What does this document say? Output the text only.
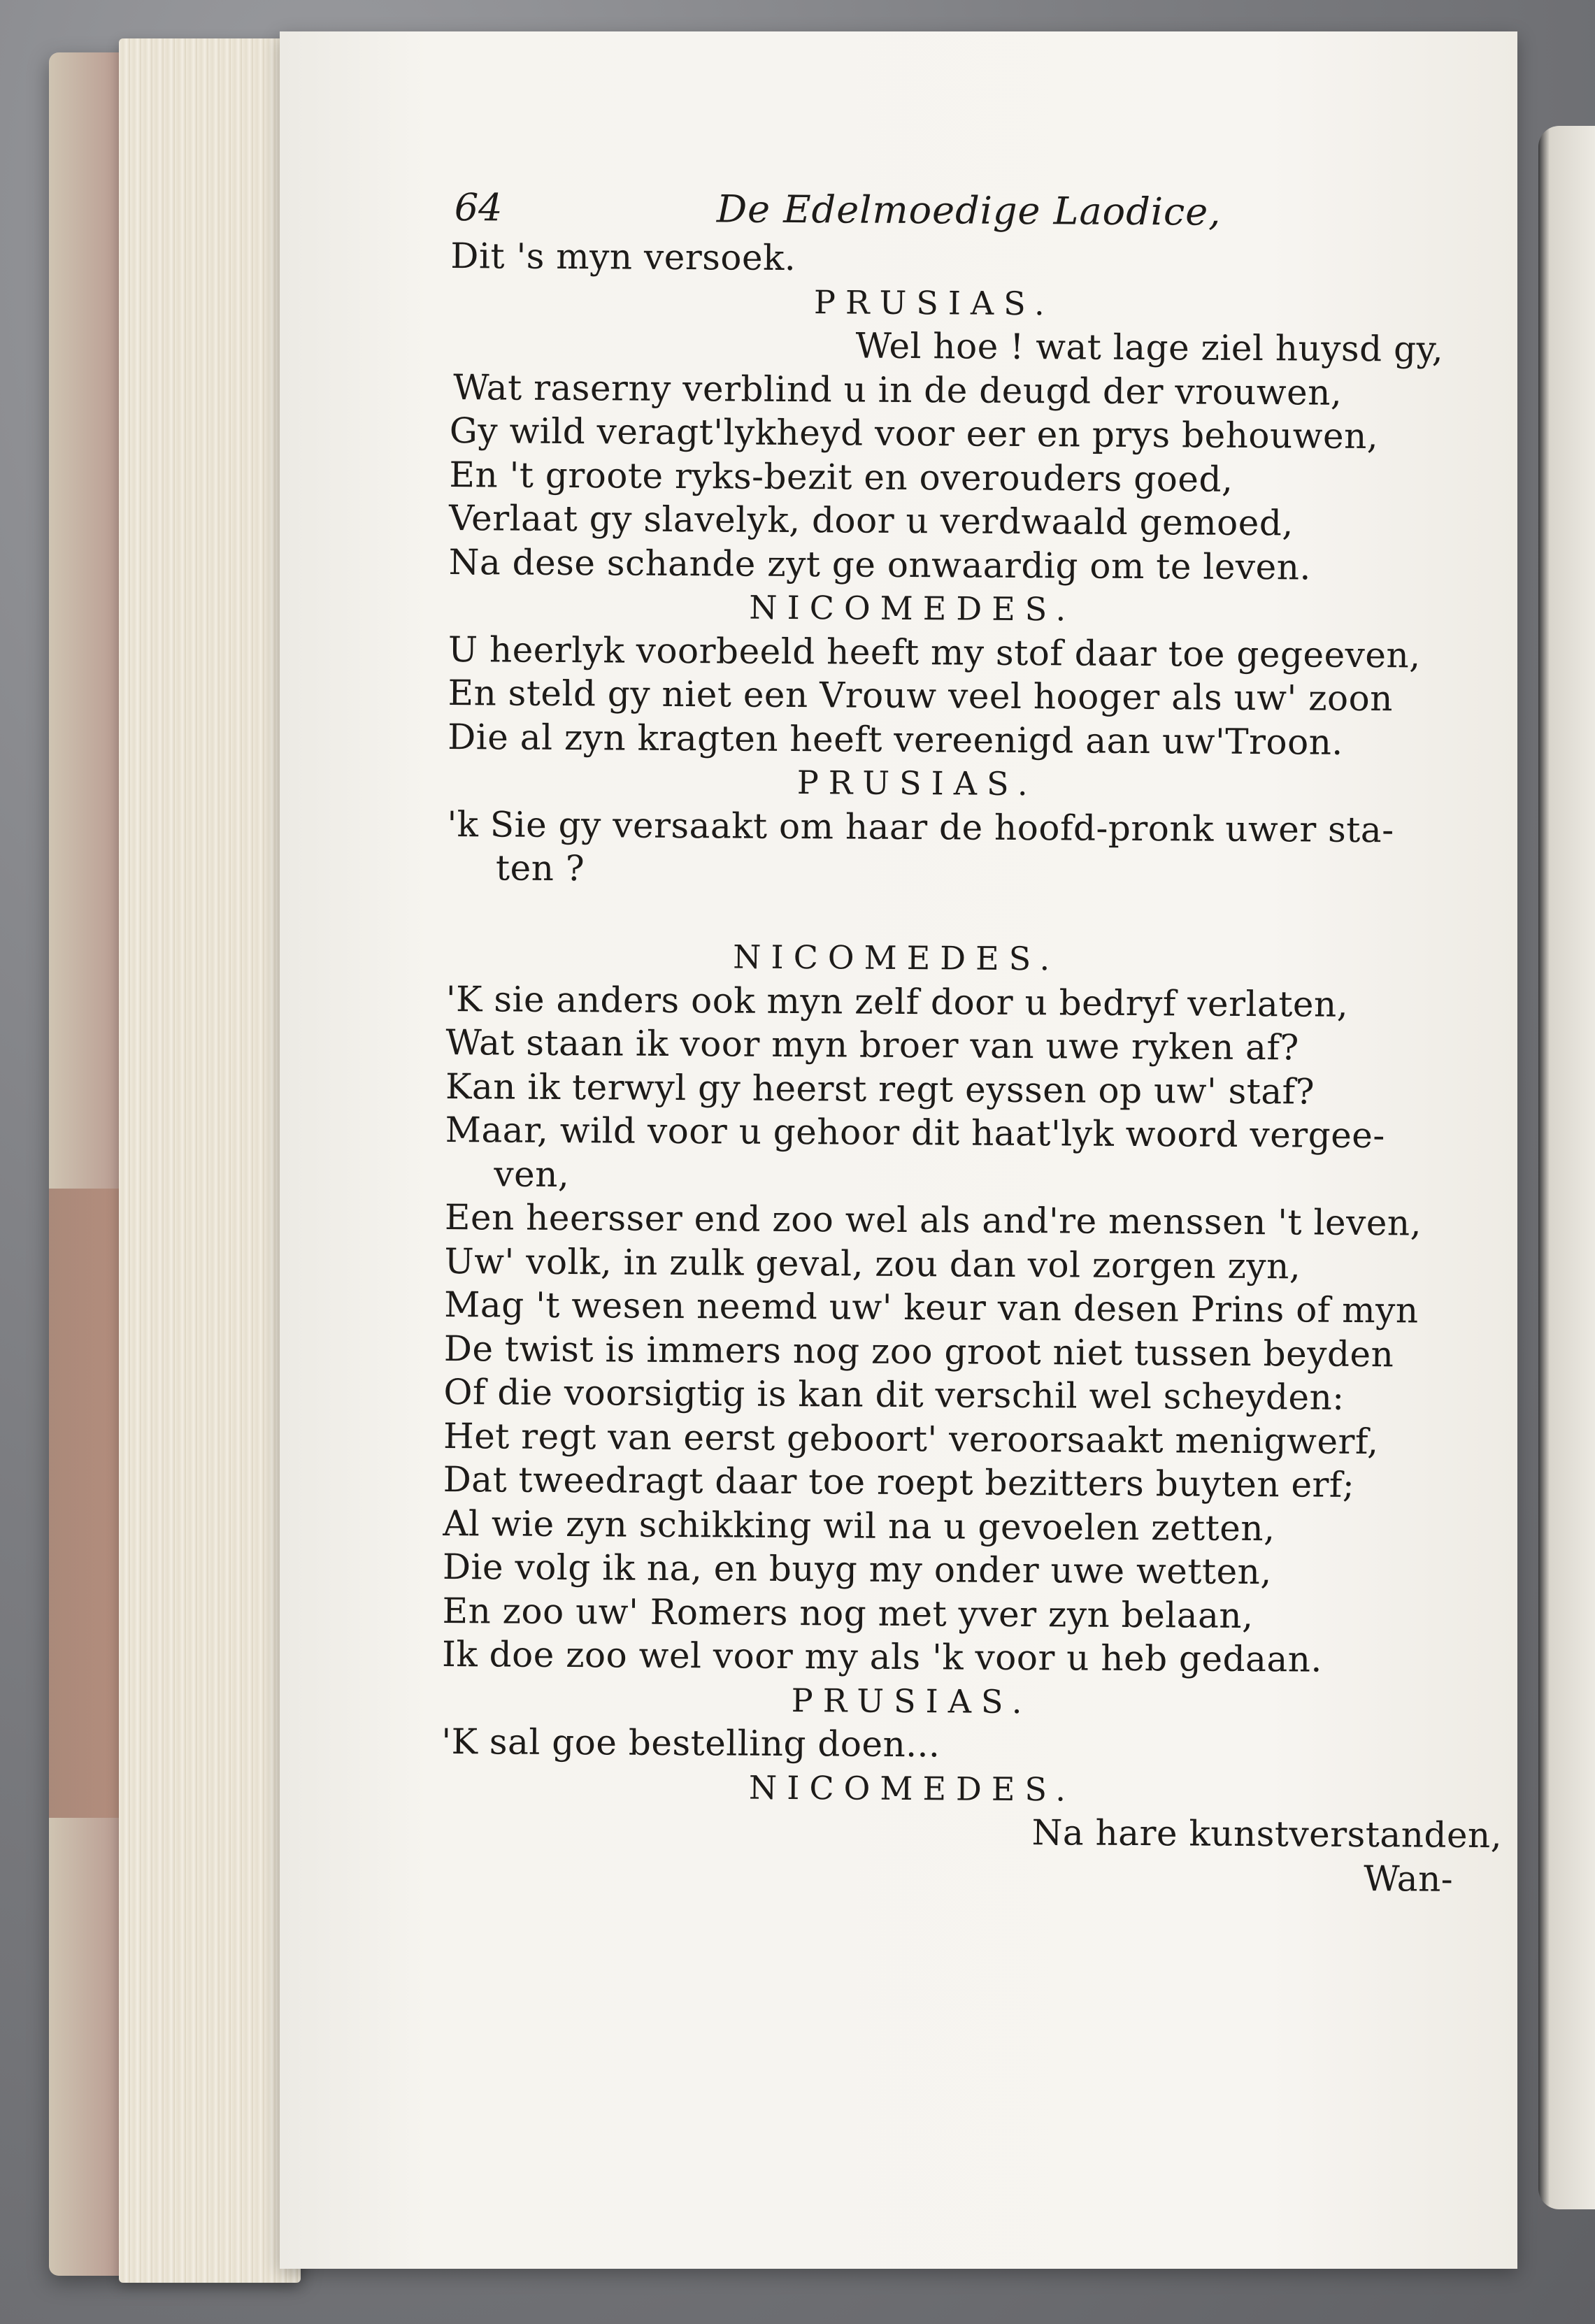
64	De Edelmoedige Laodice,
Dit 's myn versoek.
PRUSIAS.
Wel hoe ! wat lage ziel huysd gy,
Wat raserny verblind u in de deugd der vrouwen,
Gy wild veragt'lykheyd voor eer en prys behouwen,
En 't groote ryks-bezit en overouders goed,
Verlaat gy slavelyk, door u verdwaald gemoed,
Na dese schande zyt ge onwaardig om te leven.
NICOMEDES.
U heerlyk voorbeeld heeft my stof daar toe gegeeven,
En steld gy niet een Vrouw veel hooger als uw' zoon
Die al zyn kragten heeft vereenigd aan uw'Troon.
PRUSIAS.
'k Sie gy versaakt om haar de hoofd-pronk uwer sta-
ten ?
NICOMEDES.
'K sie anders ook myn zelf door u bedryf verlaten,
Wat staan ik voor myn broer van uwe ryken af?
Kan ik terwyl gy heerst regt eyssen op uw' staf?
Maar, wild voor u gehoor dit haat'lyk woord vergee-
ven,
Een heersser end zoo wel als and're menssen 't leven,
Uw' volk, in zulk geval, zou dan vol zorgen zyn,
Mag 't wesen neemd uw' keur van desen Prins of myn
De twist is immers nog zoo groot niet tussen beyden
Of die voorsigtig is kan dit verschil wel scheyden:
Het regt van eerst geboort' veroorsaakt menigwerf,
Dat tweedragt daar toe roept bezitters buyten erf;
Al wie zyn schikking wil na u gevoelen zetten,
Die volg ik na, en buyg my onder uwe wetten,
En zoo uw' Romers nog met yver zyn belaan,
Ik doe zoo wel voor my als 'k voor u heb gedaan.
PRUSIAS.
'K sal goe bestelling doen...
NICOMEDES.
Na hare kunstverstanden,
Wan-
